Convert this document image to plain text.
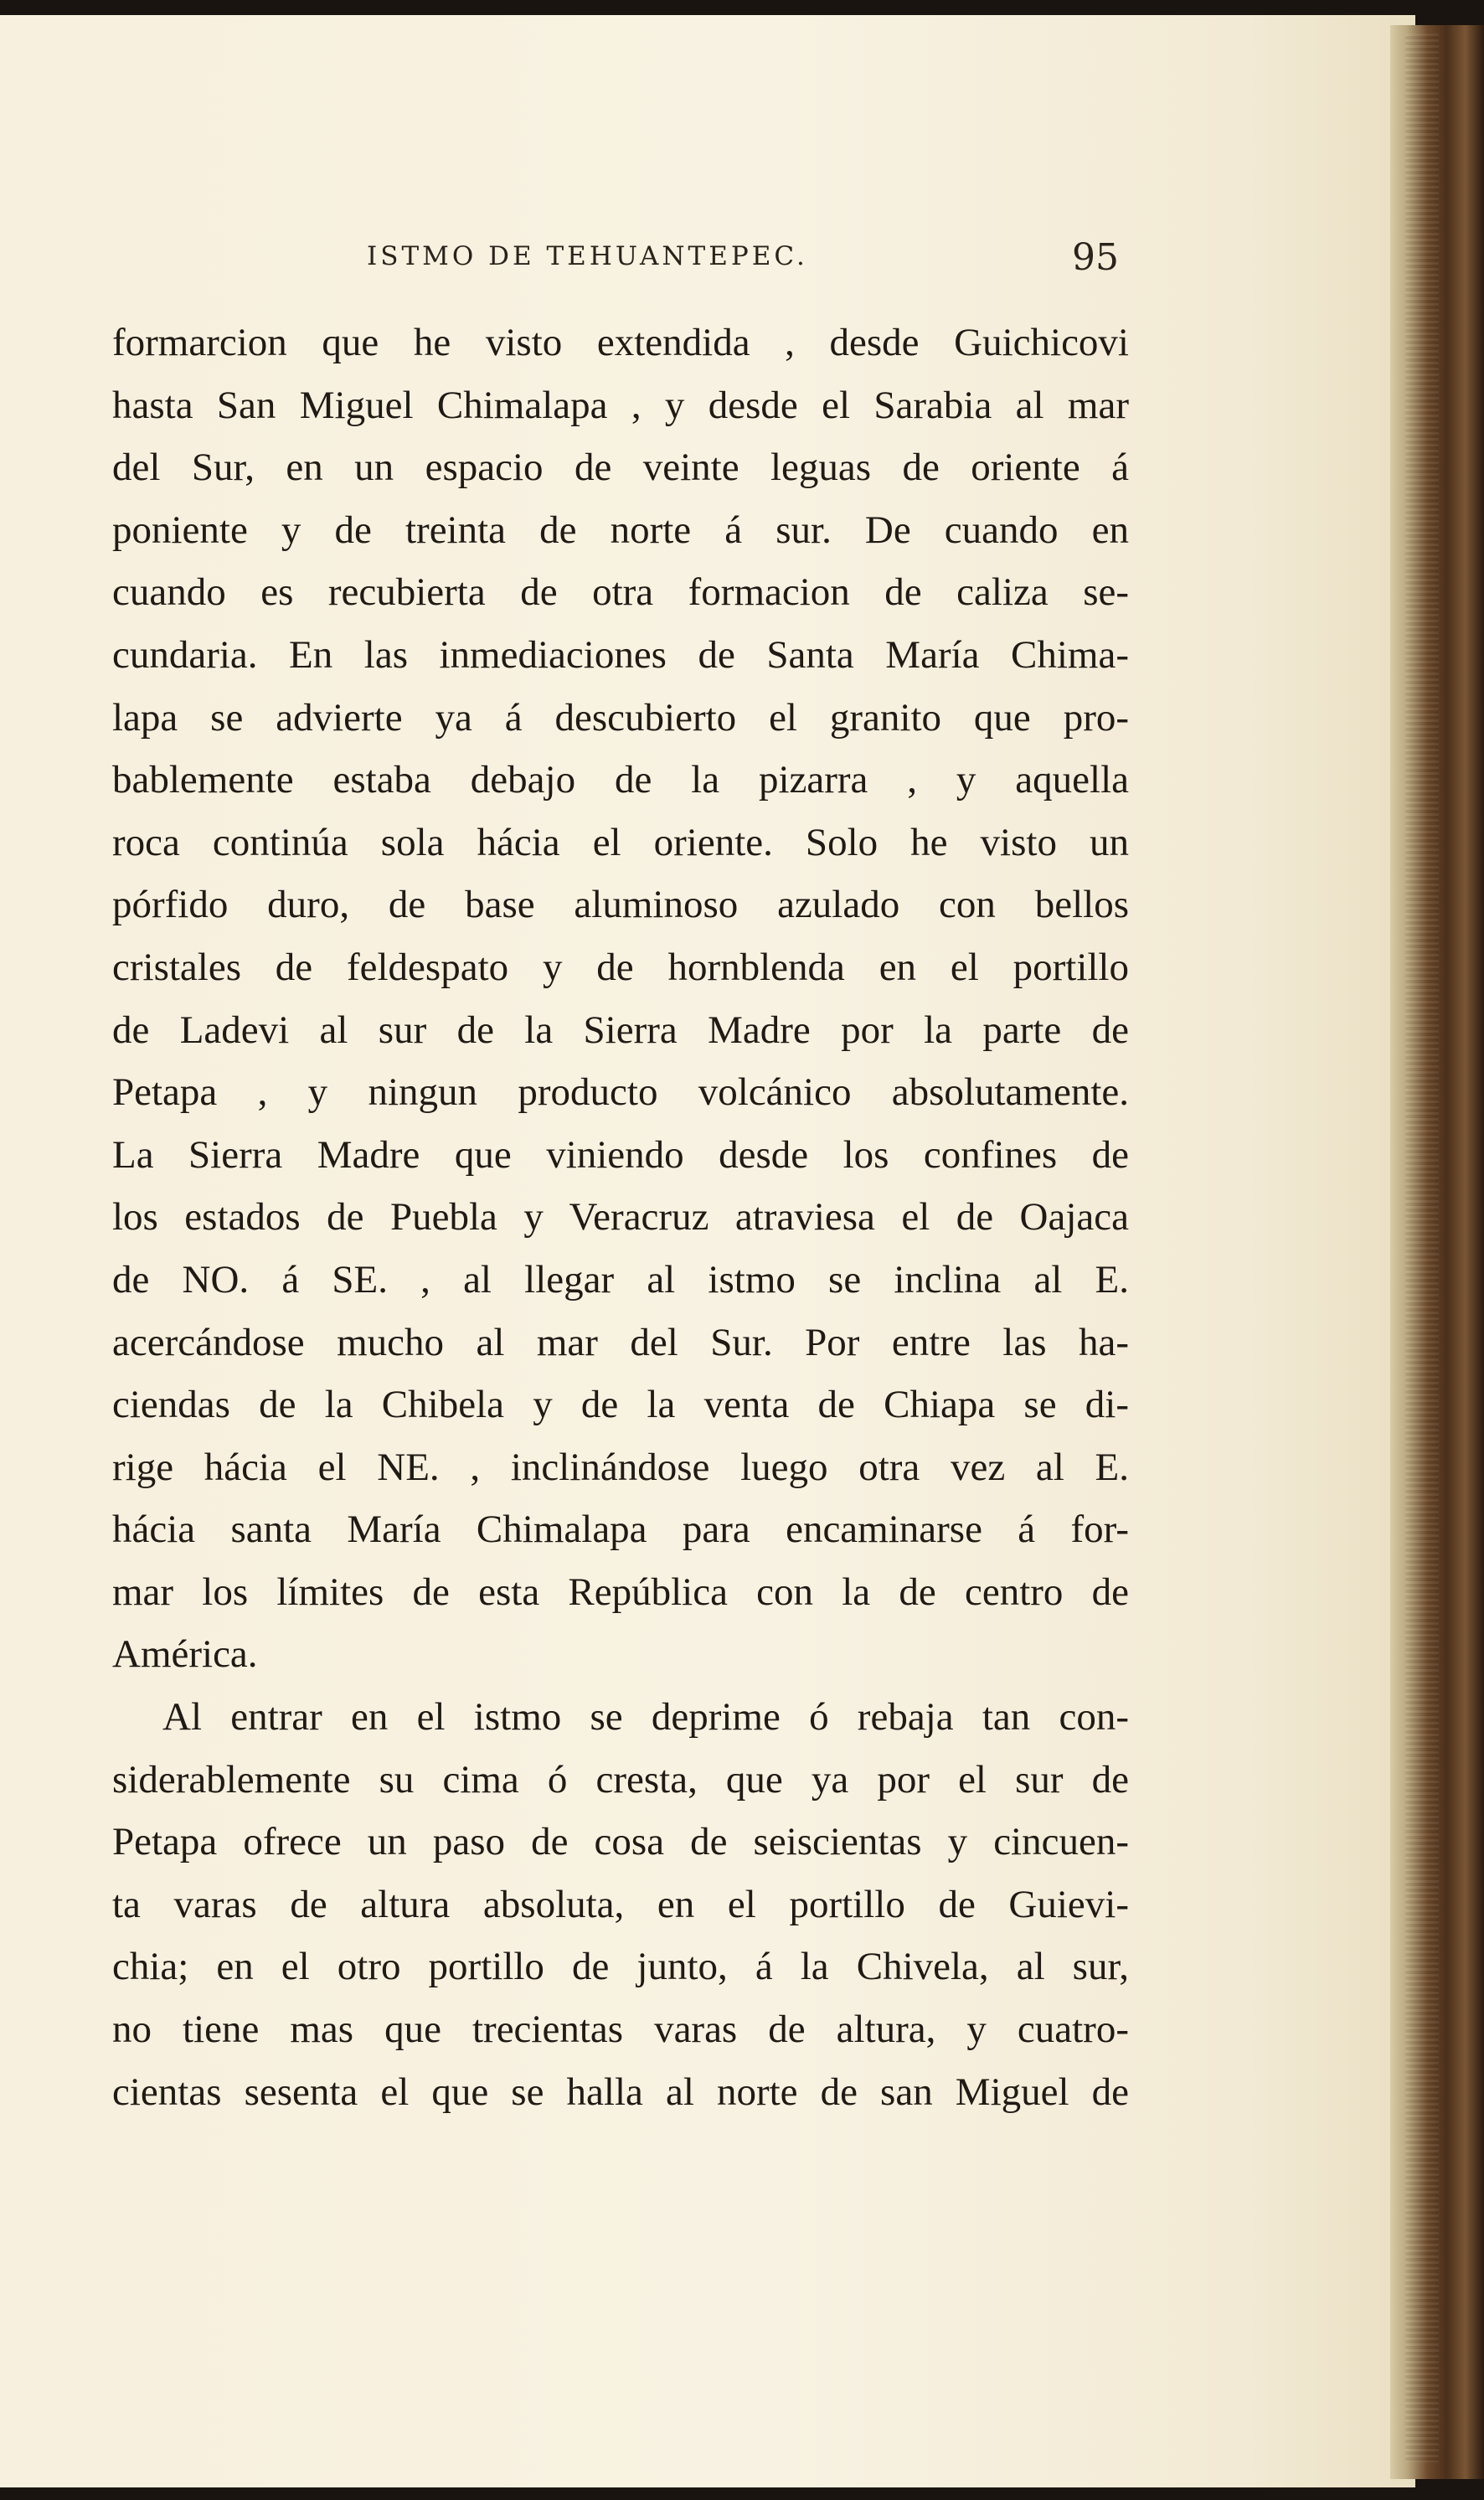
ISTMO DE TEHUANTEPEC.	95
formarcion que he visto extendida , desde Guichicovi
hasta San Miguel Chimalapa , y desde el Sarabia al mar
del Sur, en un espacio de veinte leguas de oriente á
poniente y de treinta de norte á sur. De cuando en
cuando es recubierta de otra formacion de caliza se-
cundaria. En las inmediaciones de Santa María Chima-
lapa se advierte ya á descubierto el granito que pro-
bablemente estaba debajo de la pizarra , y aquella
roca continúa sola hácia el oriente. Solo he visto un
pórfido duro, de base aluminoso azulado con bellos
cristales de feldespato y de hornblenda en el portillo
de Ladevi al sur de la Sierra Madre por la parte de
Petapa , y ningun producto volcánico absolutamente.
La Sierra Madre que viniendo desde los confines de
los estados de Puebla y Veracruz atraviesa el de Oajaca
de NO. á SE. , al llegar al istmo se inclina al E.
acercándose mucho al mar del Sur. Por entre las ha-
ciendas de la Chibela y de la venta de Chiapa se di-
rige hácia el NE. , inclinándose luego otra vez al E.
hácia santa María Chimalapa para encaminarse á for-
mar los límites de esta República con la de centro de
América.
Al entrar en el istmo se deprime ó rebaja tan con-
siderablemente su cima ó cresta, que ya por el sur de
Petapa ofrece un paso de cosa de seiscientas y cincuen-
ta varas de altura absoluta, en el portillo de Guievi-
chia; en el otro portillo de junto, á la Chivela, al sur,
no tiene mas que trecientas varas de altura, y cuatro-
cientas sesenta el que se halla al norte de san Miguel de
